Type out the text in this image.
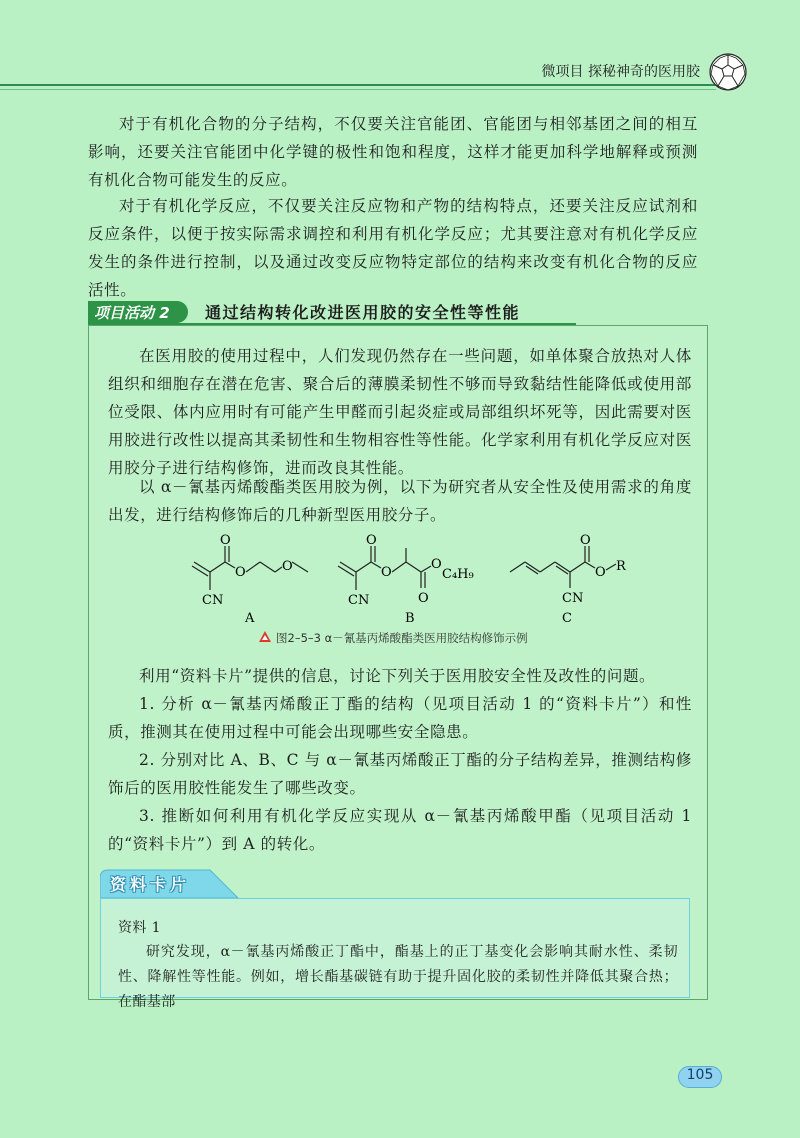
微项目 探秘神奇的医用胶

对于有机化合物的分子结构，不仅要关注官能团、官能团与相邻基团之间的相互影响，还要关注官能团中化学键的极性和饱和程度，这样才能更加科学地解释或预测有机化合物可能发生的反应。

对于有机化学反应，不仅要关注反应物和产物的结构特点，还要关注反应试剂和反应条件，以便于按实际需求调控和利用有机化学反应；尤其要注意对有机化学反应发生的条件进行控制，以及通过改变反应物特定部位的结构来改变有机化合物的反应活性。

项目活动 2 通过结构转化改进医用胶的安全性等性能

在医用胶的使用过程中，人们发现仍然存在一些问题，如单体聚合放热对人体组织和细胞存在潜在危害、聚合后的薄膜柔韧性不够而导致黏结性能降低或使用部位受限、体内应用时有可能产生甲醛而引起炎症或局部组织坏死等，因此需要对医用胶进行改性以提高其柔韧性和生物相容性等性能。化学家利用有机化学反应对医用胶分子进行结构修饰，进而改良其性能。

以 α－氰基丙烯酸酯类医用胶为例，以下为研究者从安全性及使用需求的角度出发，进行结构修饰后的几种新型医用胶分子。

O
O	O
CN
A
O
O
O
O
C₄H₉
CN
B
O
O R
CN
C
图2–5–3 α－氰基丙烯酸酯类医用胶结构修饰示例

利用“资料卡片”提供的信息，讨论下列关于医用胶安全性及改性的问题。

1. 分析 α－氰基丙烯酸正丁酯的结构（见项目活动 1 的“资料卡片”）和性质，推测其在使用过程中可能会出现哪些安全隐患。

2. 分别对比 A、B、C 与 α－氰基丙烯酸正丁酯的分子结构差异，推测结构修饰后的医用胶性能发生了哪些改变。

3. 推断如何利用有机化学反应实现从 α－氰基丙烯酸甲酯（见项目活动 1 的“资料卡片”）到 A 的转化。

资料卡片

资料 1

研究发现，α－氰基丙烯酸正丁酯中，酯基上的正丁基变化会影响其耐水性、柔韧性、降解性等性能。例如，增长酯基碳链有助于提升固化胶的柔韧性并降低其聚合热；在酯基部

105
